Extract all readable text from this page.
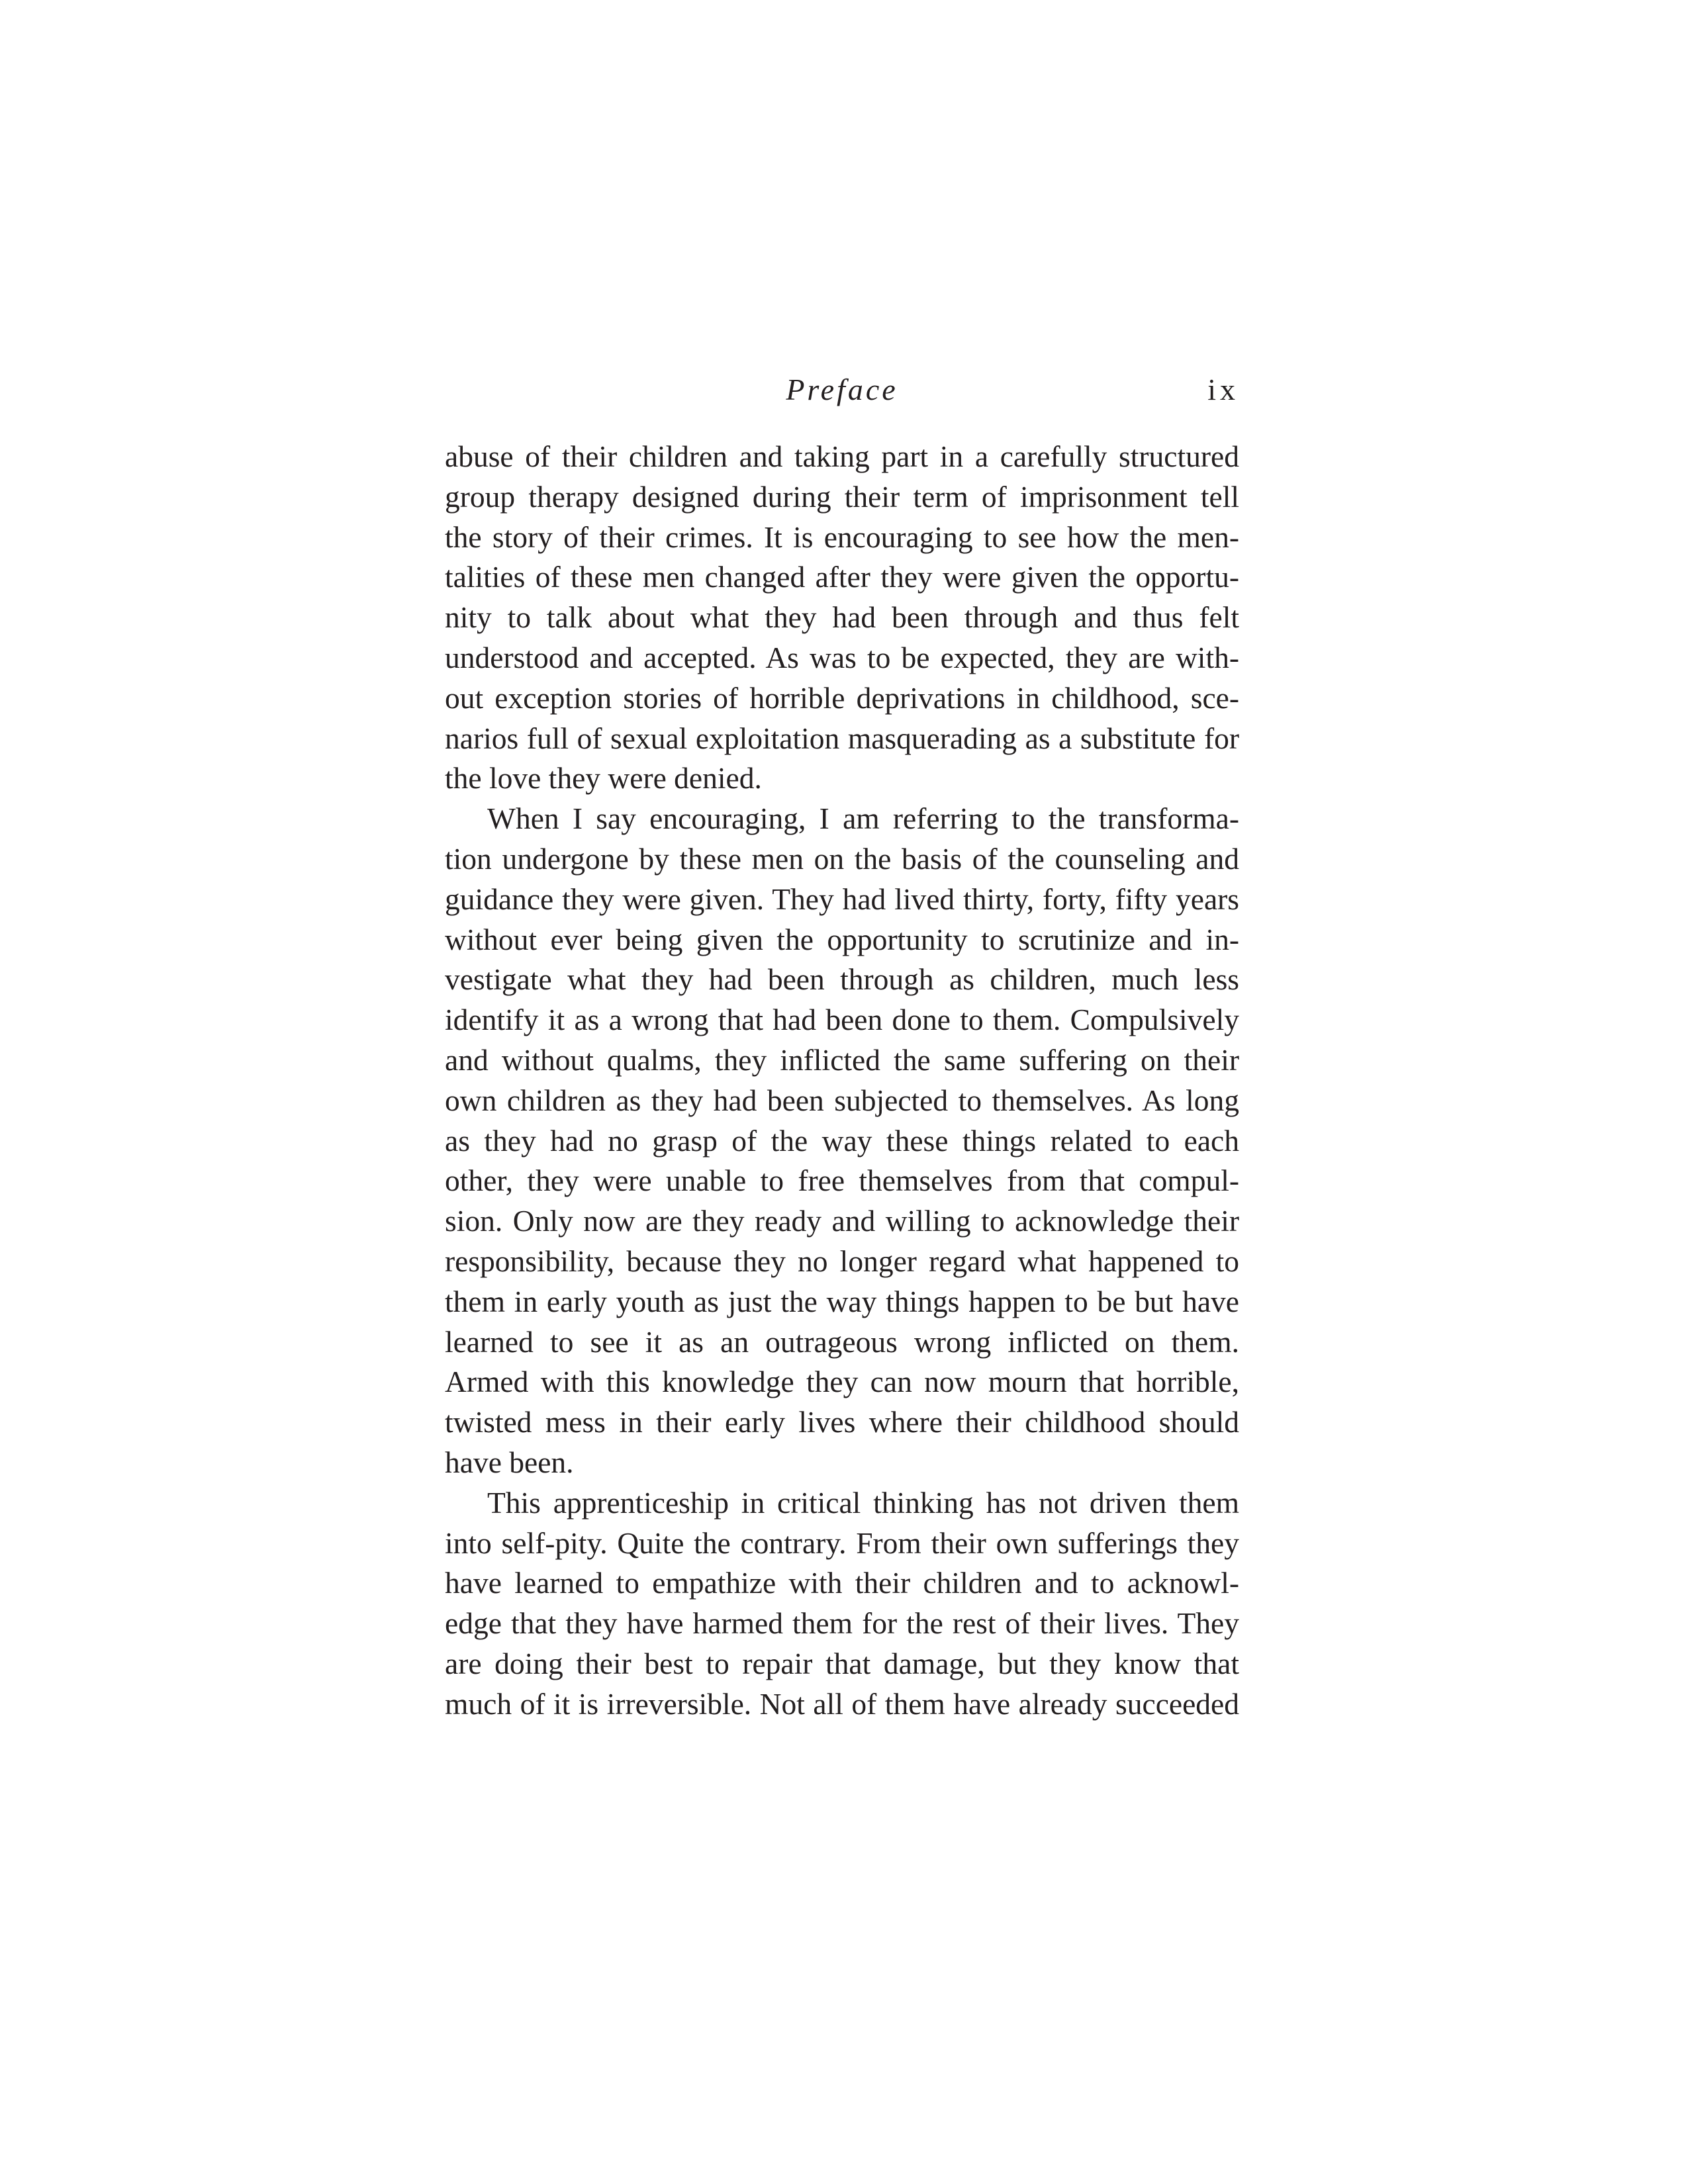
Preface	ix
abuse of their children and taking part in a carefully structured
group therapy designed during their term of imprisonment tell
the story of their crimes. It is encouraging to see how the men-
talities of these men changed after they were given the opportu-
nity to talk about what they had been through and thus felt
understood and accepted. As was to be expected, they are with-
out exception stories of horrible deprivations in childhood, sce-
narios full of sexual exploitation masquerading as a substitute for
the love they were denied.
When I say encouraging, I am referring to the transforma-
tion undergone by these men on the basis of the counseling and
guidance they were given. They had lived thirty, forty, fifty years
without ever being given the opportunity to scrutinize and in-
vestigate what they had been through as children, much less
identify it as a wrong that had been done to them. Compulsively
and without qualms, they inflicted the same suffering on their
own children as they had been subjected to themselves. As long
as they had no grasp of the way these things related to each
other, they were unable to free themselves from that compul-
sion. Only now are they ready and willing to acknowledge their
responsibility, because they no longer regard what happened to
them in early youth as just the way things happen to be but have
learned to see it as an outrageous wrong inflicted on them.
Armed with this knowledge they can now mourn that horrible,
twisted mess in their early lives where their childhood should
have been.
This apprenticeship in critical thinking has not driven them
into self-pity. Quite the contrary. From their own sufferings they
have learned to empathize with their children and to acknowl-
edge that they have harmed them for the rest of their lives. They
are doing their best to repair that damage, but they know that
much of it is irreversible. Not all of them have already succeeded
